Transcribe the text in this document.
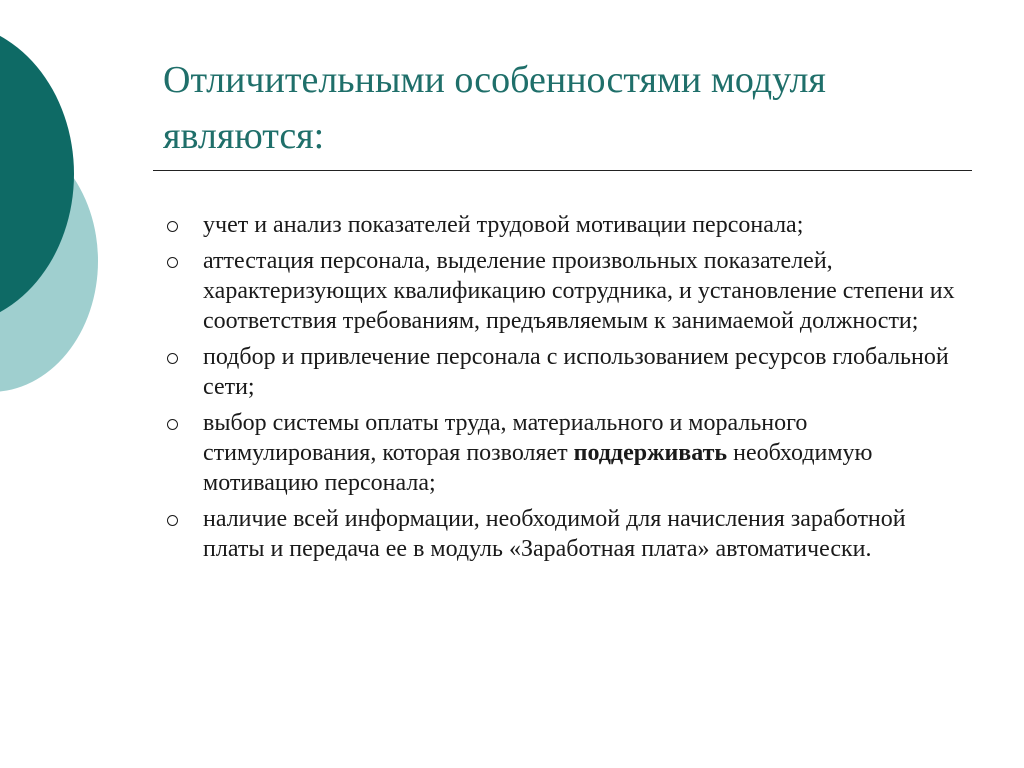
Отличительными особенностями модуля являются:
учет и анализ показателей трудовой мотивации персонала;
аттестация персонала, выделение произвольных показателей, характеризующих квалификацию сотрудника, и установление степени их соответствия требованиям, предъявляемым к занимаемой должности;
подбор и привлечение персонала с использованием ресурсов глобальной сети;
выбор системы оплаты труда, материального и морального стимулирования, которая позволяет поддерживать необходимую мотивацию персонала;
наличие всей информации, необходимой для начисления заработной платы и передача ее в модуль «Заработная плата» автоматически.
